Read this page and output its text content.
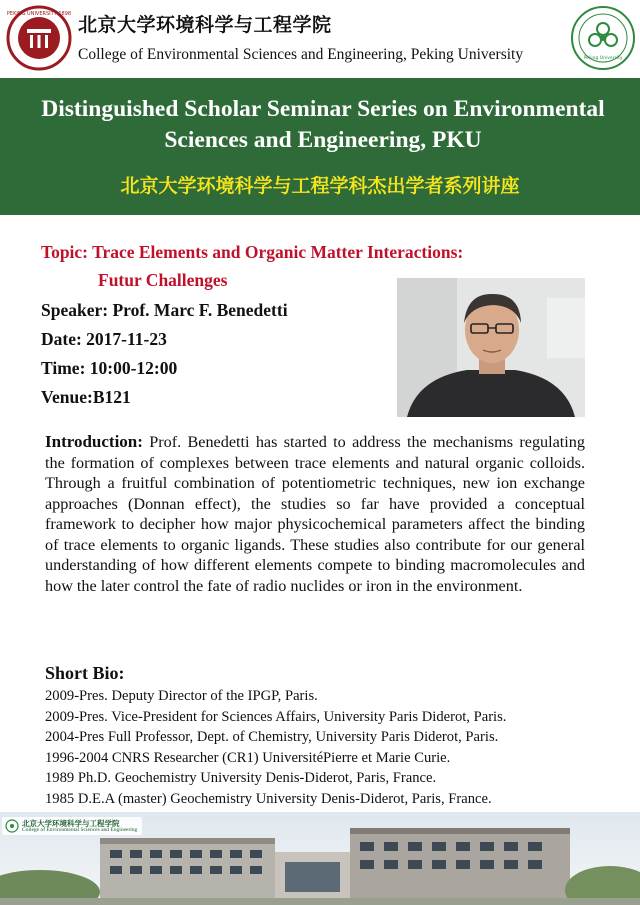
PEKING UNIVERSITY 1898 北京大学环境科学与工程学院
College of Environmental Sciences and Engineering, Peking University	Peking University
Distinguished Scholar Seminar Series on Environmental
Sciences and Engineering, PKU
北京大学环境科学与工程学科杰出学者系列讲座
Topic: Trace Elements and Organic Matter Interactions:
Futur Challenges
Speaker: Prof. Marc F. Benedetti
Date: 2017-11-23
Time: 10:00-12:00
Venue:B121
Introduction: Prof. Benedetti has started to address the mechanisms regulating the formation of complexes between trace elements and natural organic colloids. Through a fruitful combination of potentiometric techniques, new ion exchange approaches (Donnan effect), the studies so far have provided a conceptual framework to decipher how major physicochemical parameters affect the binding of trace elements to organic ligands. These studies also contribute for our general understanding of how different elements compete to binding macromolecules and how the later control the fate of radio nuclides or iron in the environment.
Short Bio:
2009-Pres. Deputy Director of the IPGP, Paris.
2009-Pres. Vice-President for Sciences Affairs, University Paris Diderot, Paris.
2004-Pres Full Professor, Dept. of Chemistry, University Paris Diderot, Paris.
1996-2004 CNRS Researcher (CR1) UniversitéPierre et Marie Curie.
1989 Ph.D. Geochemistry University Denis-Diderot, Paris, France.
1985 D.E.A (master) Geochemistry University Denis-Diderot, Paris, France.
北京大学环境科学与工程学院
College of Environmental Sciences and Engineering
